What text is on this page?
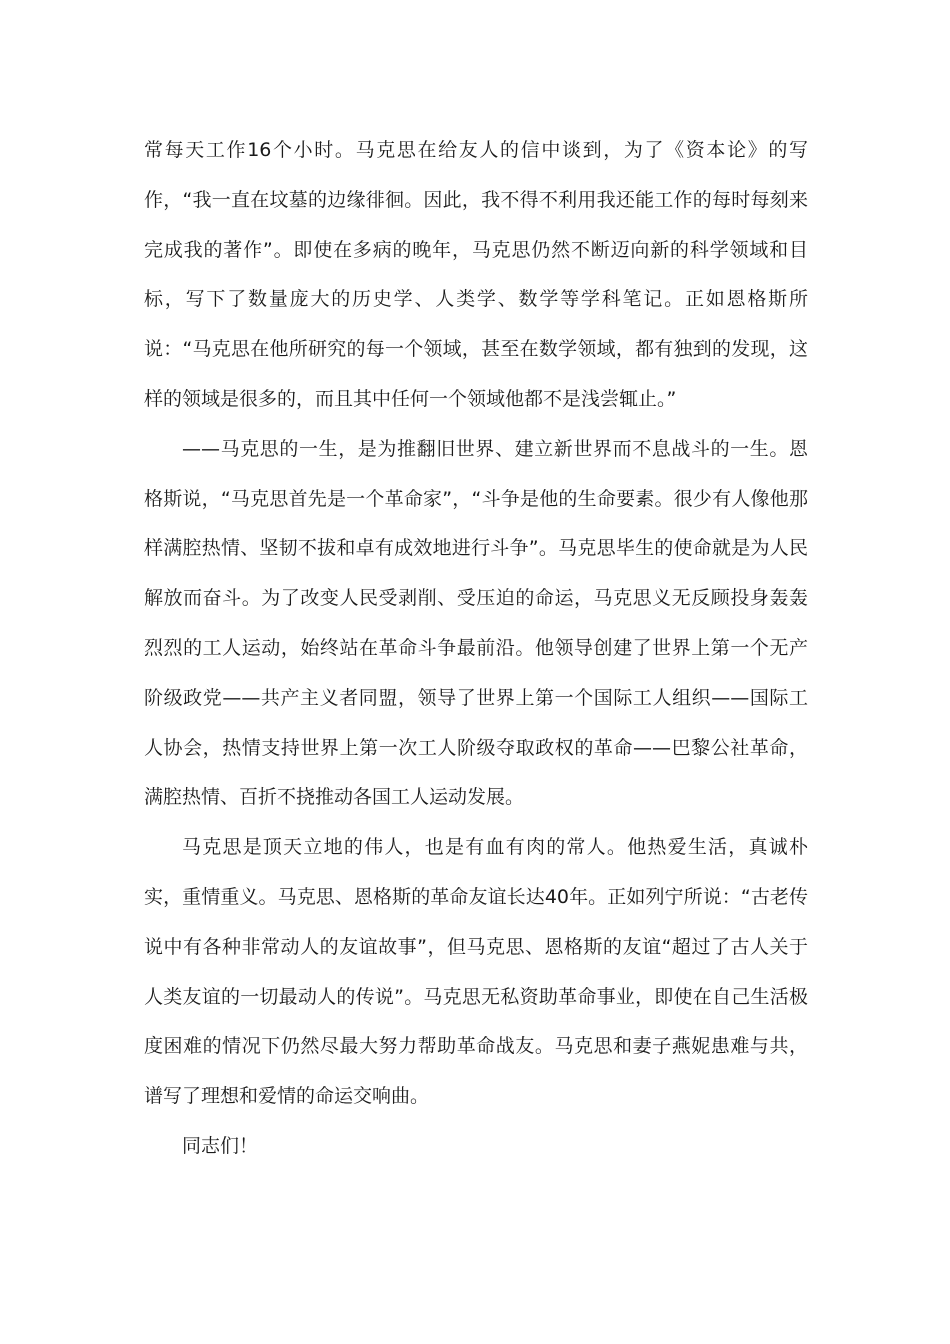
常每天工作16个小时。马克思在给友人的信中谈到，为了《资本论》的写作，“我一直在坟墓的边缘徘徊。因此，我不得不利用我还能工作的每时每刻来完成我的著作”。即使在多病的晚年，马克思仍然不断迈向新的科学领域和目标，写下了数量庞大的历史学、人类学、数学等学科笔记。正如恩格斯所说：“马克思在他所研究的每一个领域，甚至在数学领域，都有独到的发现，这样的领域是很多的，而且其中任何一个领域他都不是浅尝辄止。”

——马克思的一生，是为推翻旧世界、建立新世界而不息战斗的一生。恩格斯说，“马克思首先是一个革命家”，“斗争是他的生命要素。很少有人像他那样满腔热情、坚韧不拔和卓有成效地进行斗争”。马克思毕生的使命就是为人民解放而奋斗。为了改变人民受剥削、受压迫的命运，马克思义无反顾投身轰轰烈烈的工人运动，始终站在革命斗争最前沿。他领导创建了世界上第一个无产阶级政党——共产主义者同盟，领导了世界上第一个国际工人组织——国际工人协会，热情支持世界上第一次工人阶级夺取政权的革命——巴黎公社革命，满腔热情、百折不挠推动各国工人运动发展。

马克思是顶天立地的伟人，也是有血有肉的常人。他热爱生活，真诚朴实，重情重义。马克思、恩格斯的革命友谊长达40年。正如列宁所说：“古老传说中有各种非常动人的友谊故事”，但马克思、恩格斯的友谊“超过了古人关于人类友谊的一切最动人的传说”。马克思无私资助革命事业，即使在自己生活极度困难的情况下仍然尽最大努力帮助革命战友。马克思和妻子燕妮患难与共，谱写了理想和爱情的命运交响曲。

同志们！
